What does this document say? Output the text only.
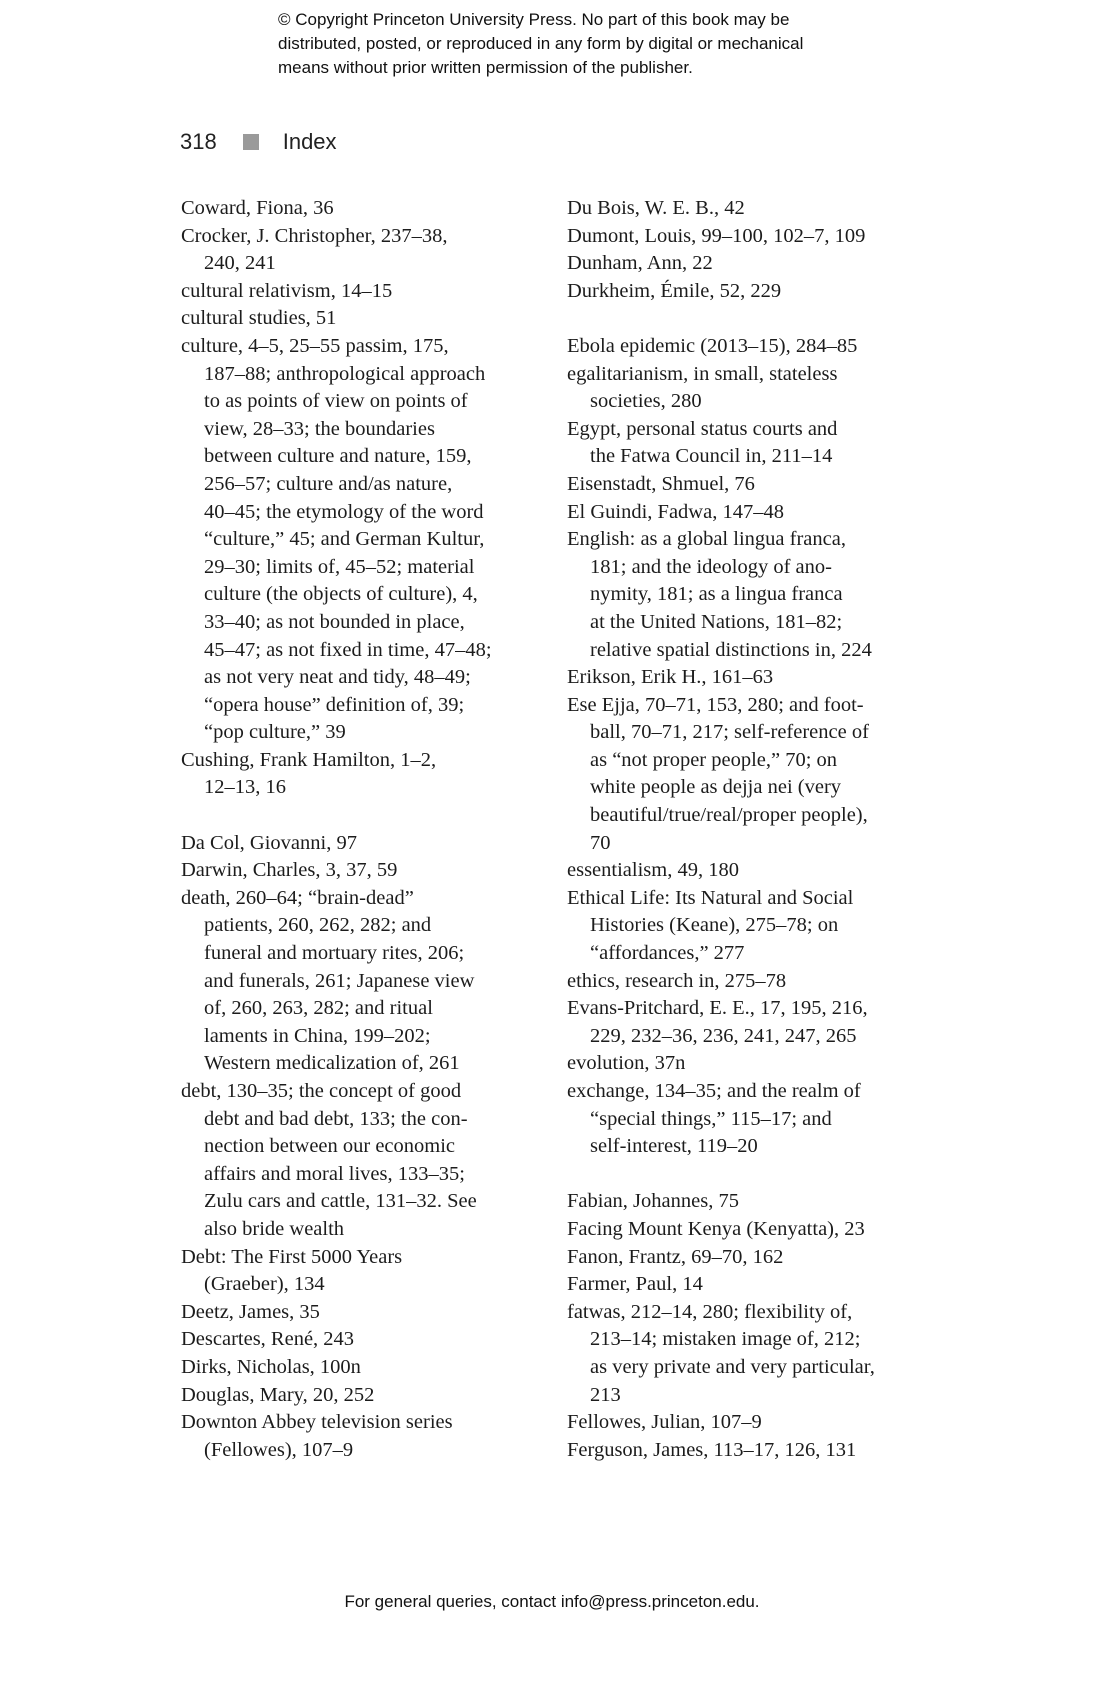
© Copyright Princeton University Press. No part of this book may be
distributed, posted, or reproduced in any form by digital or mechanical
means without prior written permission of the publisher.
318	Index
Coward, Fiona, 36
Crocker, J. Christopher, 237–38,
240, 241
cultural relativism, 14–15
cultural studies, 51
culture, 4–5, 25–55 passim, 175,
187–88; anthropological approach
to as points of view on points of
view, 28–33; the boundaries
between culture and nature, 159,
256–57; culture and/as nature,
40–45; the etymology of the word
“culture,” 45; and German Kultur,
29–30; limits of, 45–52; material
culture (the objects of culture), 4,
33–40; as not bounded in place,
45–47; as not fixed in time, 47–48;
as not very neat and tidy, 48–49;
“opera house” definition of, 39;
“pop culture,” 39
Cushing, Frank Hamilton, 1–2,
12–13, 16
Da Col, Giovanni, 97
Darwin, Charles, 3, 37, 59
death, 260–64; “brain-dead”
patients, 260, 262, 282; and
funeral and mortuary rites, 206;
and funerals, 261; Japanese view
of, 260, 263, 282; and ritual
laments in China, 199–202;
Western medicalization of, 261
debt, 130–35; the concept of good
debt and bad debt, 133; the con-
nection between our economic
affairs and moral lives, 133–35;
Zulu cars and cattle, 131–32. See
also bride wealth
Debt: The First 5000 Years
(Graeber), 134
Deetz, James, 35
Descartes, René, 243
Dirks, Nicholas, 100n
Douglas, Mary, 20, 252
Downton Abbey television series
(Fellowes), 107–9
Du Bois, W. E. B., 42
Dumont, Louis, 99–100, 102–7, 109
Dunham, Ann, 22
Durkheim, Émile, 52, 229
Ebola epidemic (2013–15), 284–85
egalitarianism, in small, stateless
societies, 280
Egypt, personal status courts and
the Fatwa Council in, 211–14
Eisenstadt, Shmuel, 76
El Guindi, Fadwa, 147–48
English: as a global lingua franca,
181; and the ideology of ano-
nymity, 181; as a lingua franca
at the United Nations, 181–82;
relative spatial distinctions in, 224
Erikson, Erik H., 161–63
Ese Ejja, 70–71, 153, 280; and foot-
ball, 70–71, 217; self-reference of
as “not proper people,” 70; on
white people as dejja nei (very
beautiful/true/real/proper people),
70
essentialism, 49, 180
Ethical Life: Its Natural and Social
Histories (Keane), 275–78; on
“affordances,” 277
ethics, research in, 275–78
Evans-Pritchard, E. E., 17, 195, 216,
229, 232–36, 236, 241, 247, 265
evolution, 37n
exchange, 134–35; and the realm of
“special things,” 115–17; and
self-interest, 119–20
Fabian, Johannes, 75
Facing Mount Kenya (Kenyatta), 23
Fanon, Frantz, 69–70, 162
Farmer, Paul, 14
fatwas, 212–14, 280; flexibility of,
213–14; mistaken image of, 212;
as very private and very particular,
213
Fellowes, Julian, 107–9
Ferguson, James, 113–17, 126, 131
For general queries, contact info@press.princeton.edu.
